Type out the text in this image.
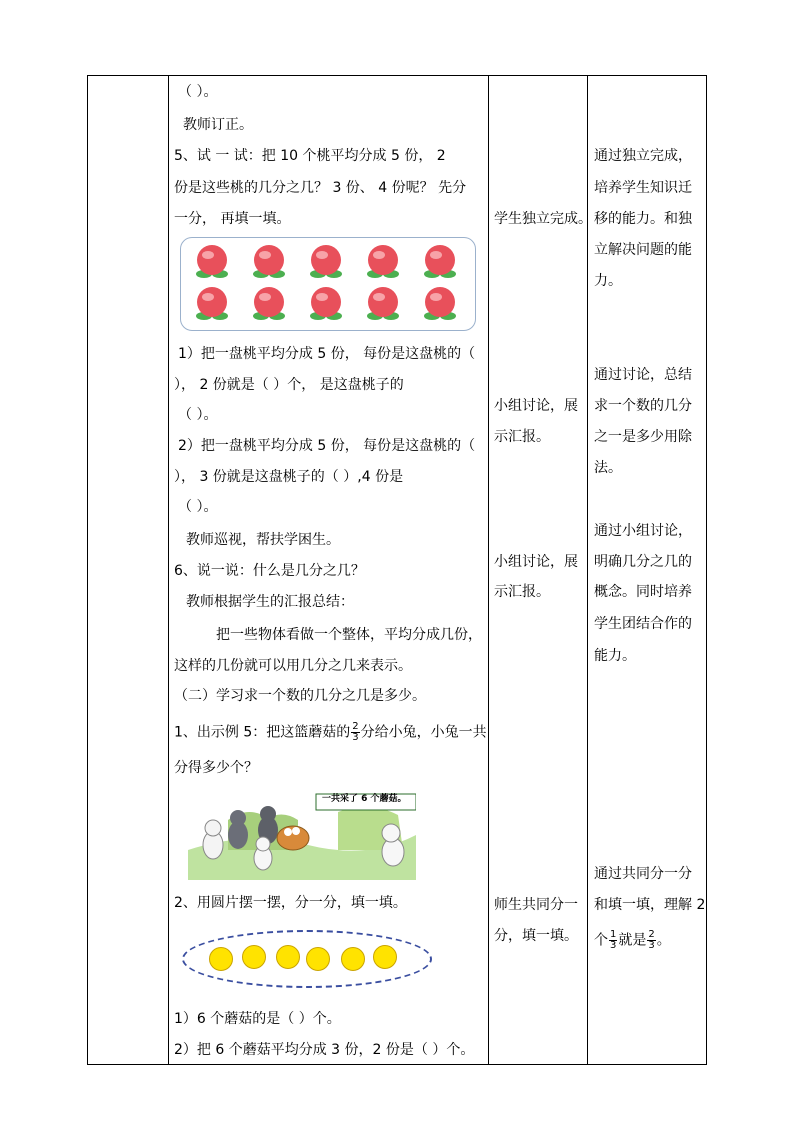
（ ）。
教师订正。
5、试 一 试：把 10 个桃平均分成 5 份， 2
份是这些桃的几分之几？ 3 份、 4 份呢？ 先分
一分， 再填一填。
1）把一盘桃平均分成 5 份， 每份是这盘桃的（
）， 2 份就是（ ）个， 是这盘桃子的
（ ）。
2）把一盘桃平均分成 5 份， 每份是这盘桃的（
）， 3 份就是这盘桃子的（ ）,4 份是
（ ）。
教师巡视，帮扶学困生。
6、说一说：什么是几分之几？
教师根据学生的汇报总结：
把一些物体看做一个整体，平均分成几份，
这样的几份就可以用几分之几来表示。
（二）学习求一个数的几分之几是多少。
1、出示例 5：把这篮蘑菇的 $\frac{2}{3}$ 分给小兔，小兔一共
分得多少个？
一共采了 6 个蘑菇。
2、用圆片摆一摆，分一分，填一填。
1）6 个蘑菇的是（ ）个。
2）把 6 个蘑菇平均分成 3 份，2 份是（ ）个。
学生独立完成。
小组讨论，展
示汇报。
小组讨论，展
示汇报。
师生共同分一
分，填一填。
通过独立完成，
培养学生知识迁
移的能力。和独
立解决问题的能
力。
通过讨论，总结
求一个数的几分
之一是多少用除
法。
通过小组讨论，
明确几分之几的
概念。同时培养
学生团结合作的
能力。
通过共同分一分
和填一填，理解 2
个 $\frac{1}{3}$ 就是 $\frac{2}{3}$ 。
